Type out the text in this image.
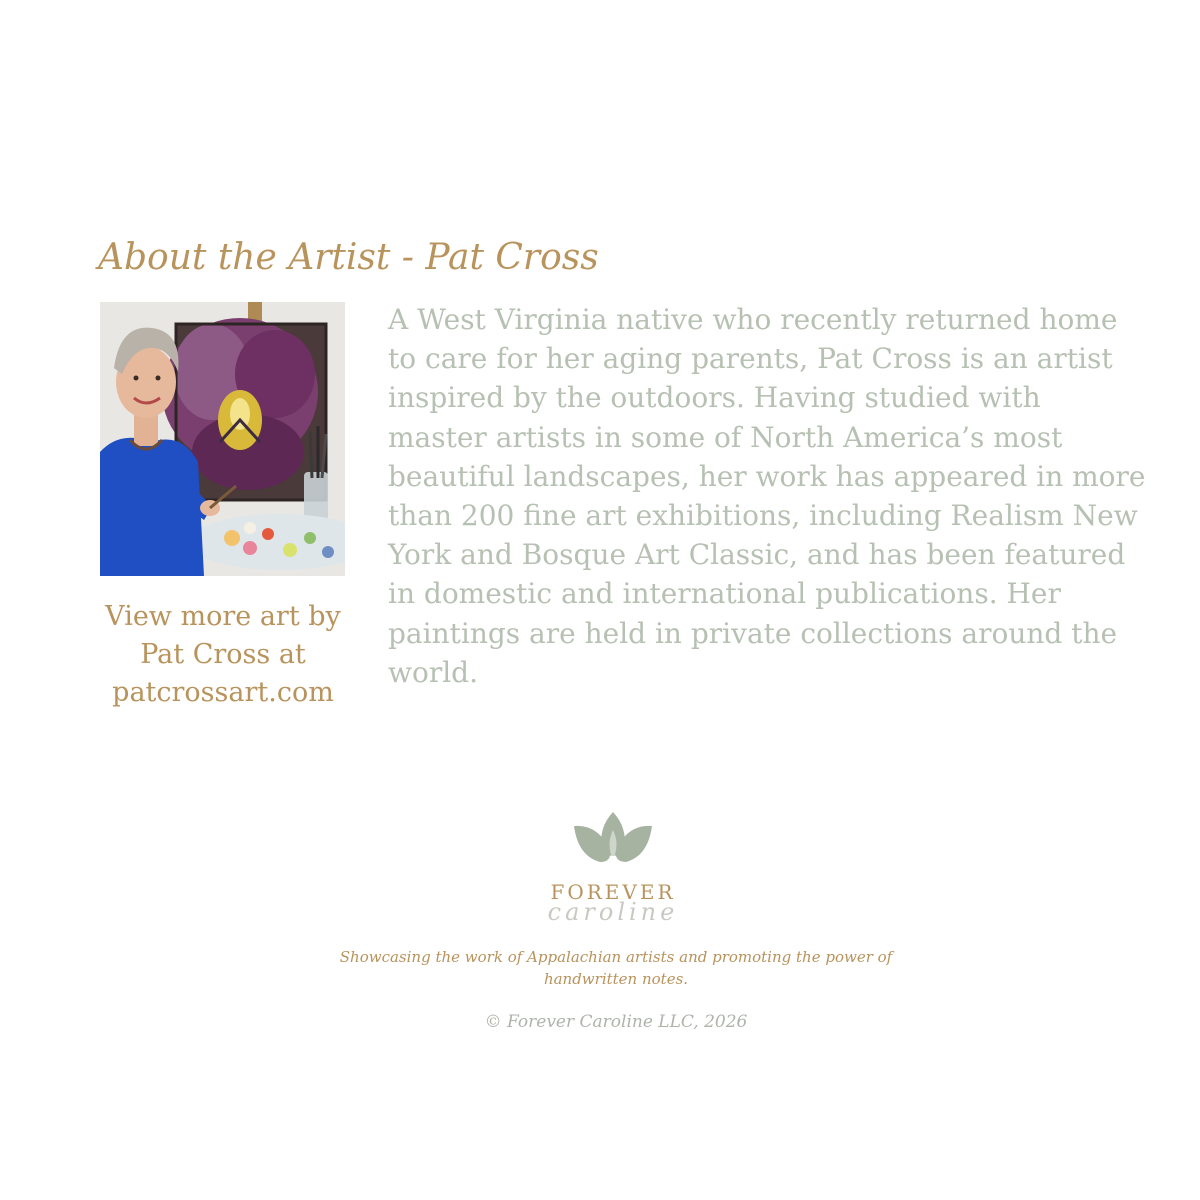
About the Artist - Pat Cross
View more art by Pat Cross at patcrossart.com

A West Virginia native who recently returned home to care for her aging parents, Pat Cross is an artist inspired by the outdoors. Having studied with master artists in some of North America’s most beautiful landscapes, her work has appeared in more than 200 fine art exhibitions, including Realism New York and Bosque Art Classic, and has been featured in domestic and international publications. Her paintings are held in private collections around the world.

FOREVER
caroline

Showcasing the work of Appalachian artists and promoting the power of handwritten notes.

© Forever Caroline LLC, 2026
